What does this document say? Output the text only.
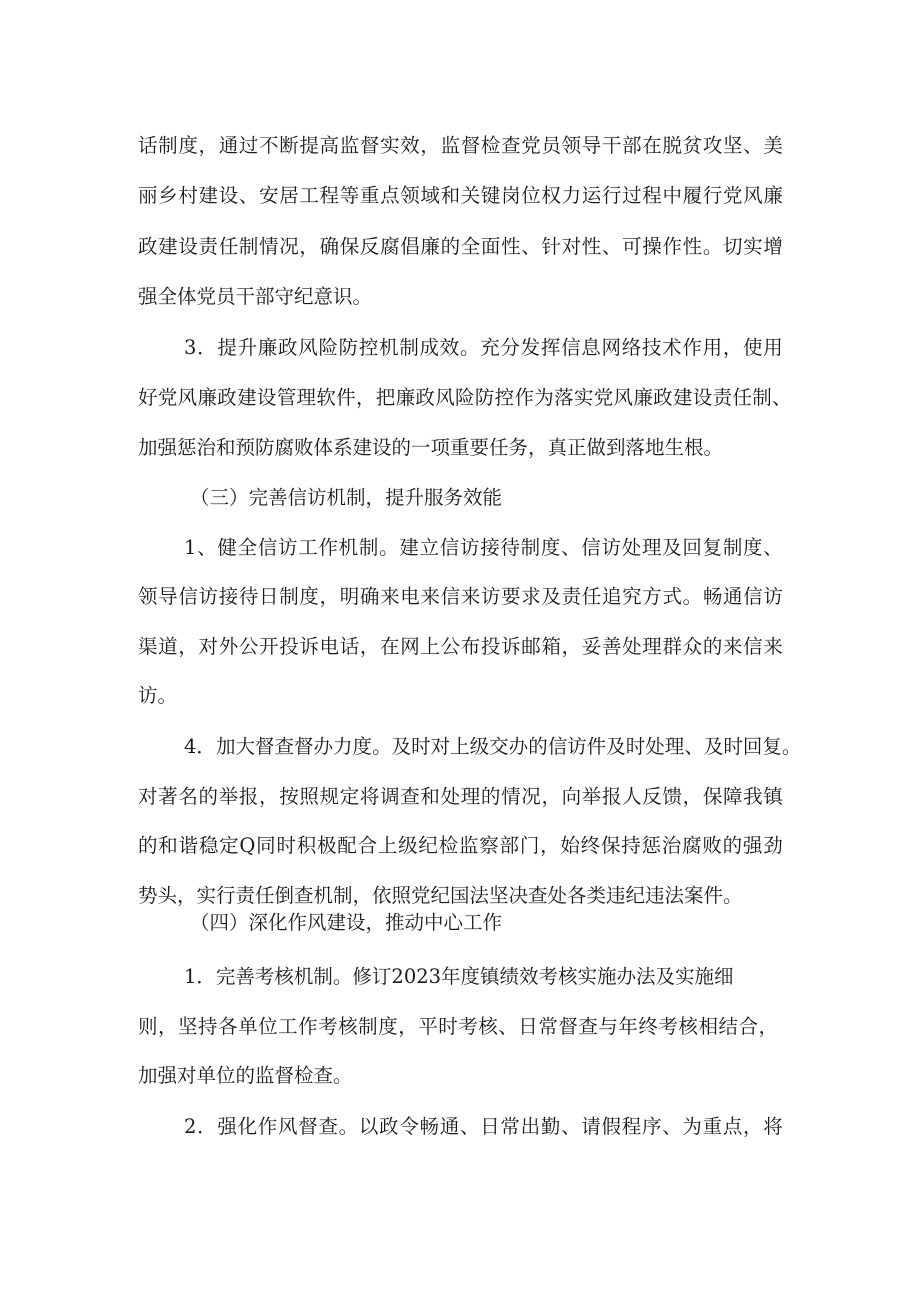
话 制 度 ， 通 过 不 断 提 高 监 督 实 效 ， 监 督 检 查 党 员 领 导 干 部 在 脱 贫 攻 坚 、 美
丽 乡 村 建 设 、 安 居 工 程 等 重 点 领 域 和 关 键 岗 位 权 力 运 行 过 程 中 履 行 党 风 廉
政 建 设 责 任 制 情 况 ， 确 保 反 腐 倡 廉 的 全 面 性 、 针 对 性 、 可 操 作 性 。 切 实 增
强全体党员干部守纪意识。
3 ． 提 升 廉 政 风 险 防 控 机 制 成 效 。 充 分 发 挥 信 息 网 络 技 术 作 用 ， 使 用
好 党 风 廉 政 建 设 管 理 软 件 ， 把 廉 政 风 险 防 控 作 为 落 实 党 风 廉 政 建 设 责 任 制 、
加强惩治和预防腐败体系建设的一项重要任务，真正做到落地生根。
（三）完善信访机制，提升服务效能
1 、 健 全 信 访 工 作 机 制 。 建 立 信 访 接 待 制 度 、 信 访 处 理 及 回 复 制 度 、
领 导 信 访 接 待 日 制 度 ， 明 确 来 电 来 信 来 访 要 求 及 责 任 追 究 方 式 。 畅 通 信 访
渠 道 ， 对 外 公 开 投 诉 电 话 ， 在 网 上 公 布 投 诉 邮 箱 ， 妥 善 处 理 群 众 的 来 信 来
访。
4 ． 加 大 督 查 督 办 力 度 。 及 时 对 上 级 交 办 的 信 访 件 及 时 处 理 、 及 时 回 复 。
对 著 名 的 举 报 ， 按 照 规 定 将 调 查 和 处 理 的 情 况 ， 向 举 报 人 反 馈 ， 保 障 我 镇
的 和 谐 稳 定 Q 同 时 积 极 配 合 上 级 纪 检 监 察 部 门 ， 始 终 保 持 惩 治 腐 败 的 强 劲
势头，实行责任倒查机制，依照党纪国法坚决查处各类违纪违法案件。
（四）深化作风建设，推动中心工作
1．完善考核机制。修订2023年度镇绩效考核实施办法及实施细
则 ， 坚 持 各 单 位 工 作 考 核 制 度 ， 平 时 考 核 、 日 常 督 查 与 年 终 考 核 相 结 合 ，
加强对单位的监督检查。
2 ． 强 化 作 风 督 查 。 以 政 令 畅 通 、 日 常 出 勤 、 请 假 程 序 、 为 重 点 ， 将
